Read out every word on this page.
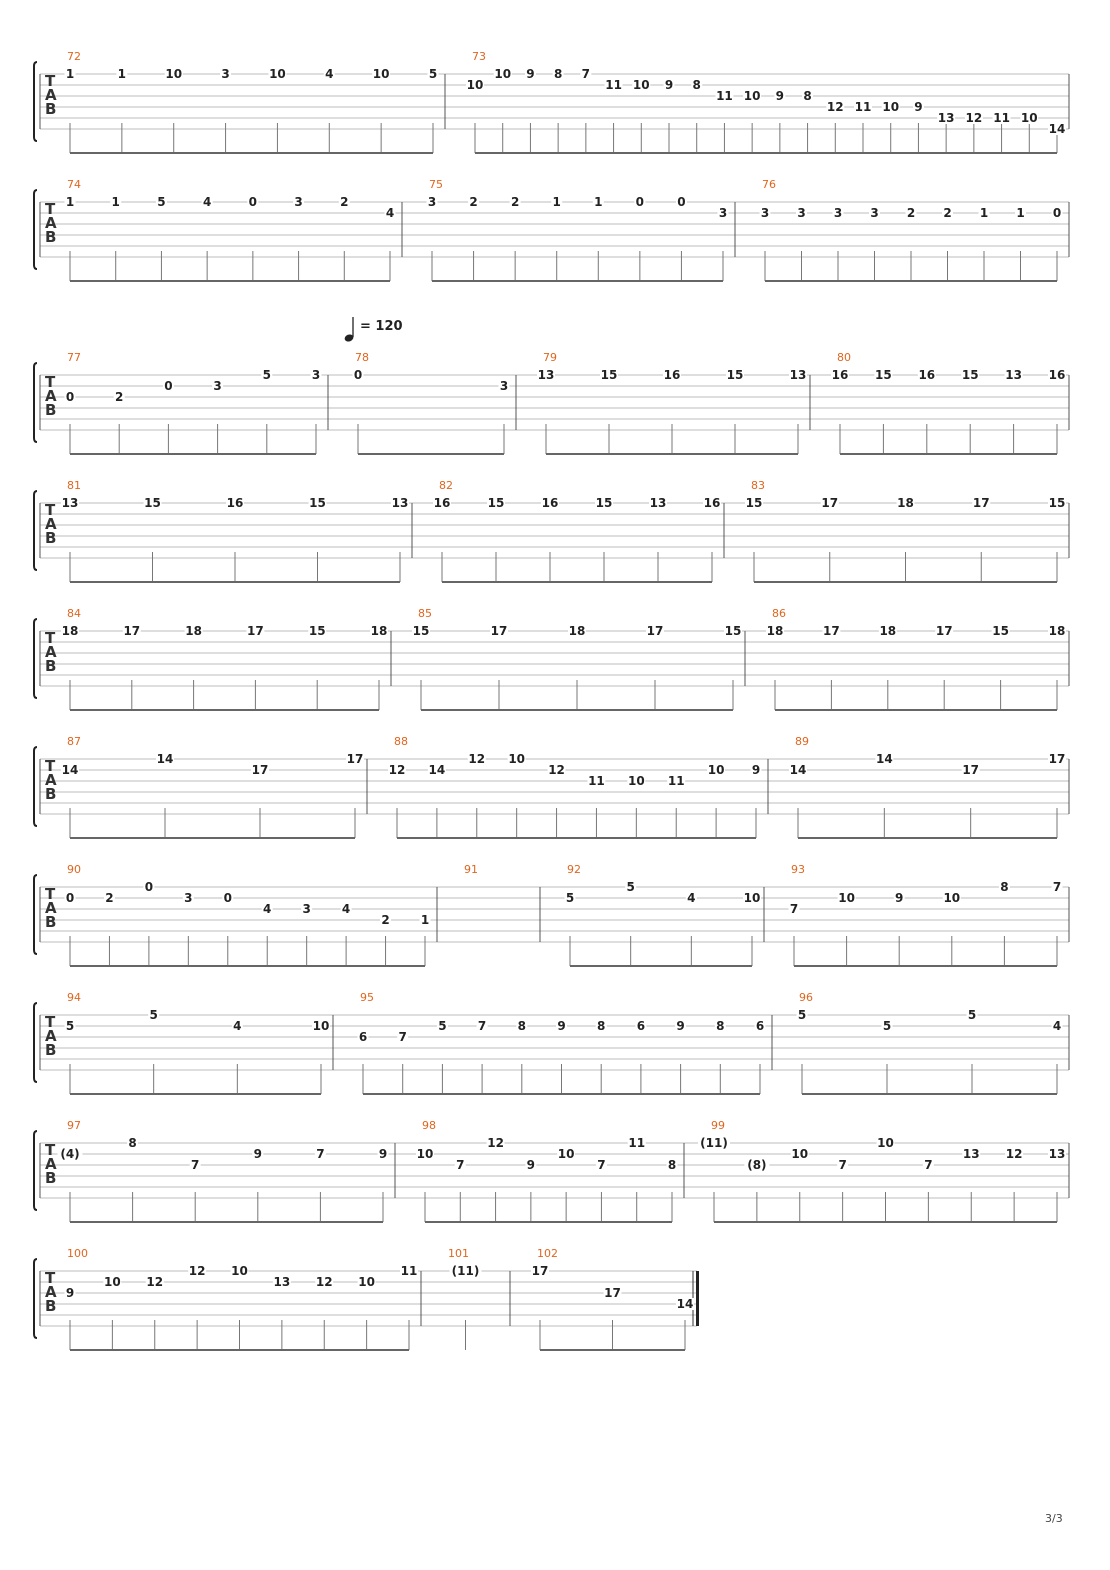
T
A
B
72
1	1	10	3	10	4	10	5
73
10
10 9 8 7
11 10 9 8
11 10 9 8
12 11 10 9
13 12 11 10
14
T
A
B
74
1	1	5	4	0	3	2
4
75
3	2	2	1	1	0	0
3
76
3 3 3 3 2 2 1 1 0
T
A
B
77
0	2
0	3
5	3
78
0
3
79
13	15	16	15	13
80
16 15 16 15 13 16
T
A
B
81
13	15	16	15	13
82
16	15	16	15	13	16
83
15	17	18	17	15
T
A
B
84
18	17	18	17	15	18
85
15	17	18	17	15
86
18	17	18	17	15	18
T
A
B
87
14
14
17
17
88
12 14
12 10
12
11 10 11
10 9
89
14
14
17
17
T
A
B
90
0	2
0
3	0
4	3	4
2	1
91	92
5
5
4	10
93
7
10	9	10
8	7
T
A
B
94
5
5
4	10
95
6	7
5	7	8	9	8	6	9	8	6
96
5
5
5
4
T
A
B
97
(4)
8
7
9	7	9
98
10
7
12
9
10
7
11
8
99
(11)
(8)
10
7
10
7
13 12 13
T
A
B
100
9
10 12
12 10
13 12 10
11
101
(11)
102
17
17
14
= 120
3/3
